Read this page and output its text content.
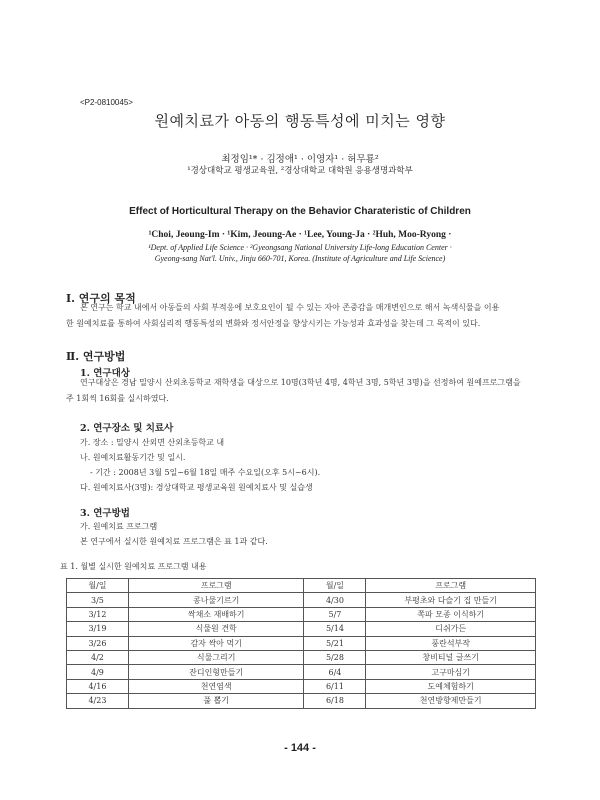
<P2-0810045>
원예치료가 아동의 행동특성에 미치는 영향
최정임¹* · 김정애¹ · 이영자¹ · 허무룡²
¹경상대학교 평생교육원, ²경상대학교 대학원 응용생명과학부
Effect of Horticultural Therapy on the Behavior Charateristic of Children
¹Choi, Jeoung-Im · ¹Kim, Jeoung-Ae · ¹Lee, Young-Ja · ²Huh, Moo-Ryong ·
¹Dept. of Applied Life Science · ²Gyeongsang National University Life-long Education Center ·
Gyeong-sang Nat'l. Univ., Jinju 660-701, Korea. (Institute of Agriculture and Life Science)
Ⅰ. 연구의 목적
본 연구는 학교 내에서 아동들의 사회 부적응에 보호요인이 될 수 있는 자아 존중감을 매개변인으로 해서 녹색식물을 이용
한 원예치료를 통하여 사회심리적 행동특성의 변화와 정서안정을 향상시키는 가능성과 효과성을 찾는데 그 목적이 있다.
Ⅱ. 연구방법
1. 연구대상
연구대상은 경남 밀양시 산외초등학교 재학생을 대상으로 10명(3학년 4명, 4학년 3명, 5학년 3명)을 선정하여 원예프로그램을
주 1회씩 16회를 실시하였다.
2. 연구장소 및 치료사
가. 장소 : 밀양시 산외면 산외초등학교 내
나. 원예치료활동기간 및 일시.
- 기간 : 2008년 3월 5일~6월 18일 매주 수요일(오후 5시~6시).
다. 원예치료사(3명): 경상대학교 평생교육원 원예치료사 및 실습생
3. 연구방법
가. 원예치료 프로그램
본 연구에서 실시한 원예치료 프로그램은 표 1과 같다.
표 1. 월별 실시한 원예치료 프로그램 내용
월/일	프로그램	월/일	프로그램
3/5	콩나물기르기	4/30	부평초와 다슬기 집 만들기
3/12	싹채소 재배하기	5/7	쪽파 모종 이식하기
3/19	식물원 견학	5/14	디쉬가든
3/26	감자 싹아 먹기	5/21	풍란석부작
4/2	식물그리기	5/28	창비티널 글쓰기
4/9	잔디인형만들기	6/4	고구마심기
4/16	천연염색	6/11	도예체험하기
4/23	풀 뽑기	6/18	천연방향제만들기
- 144 -
